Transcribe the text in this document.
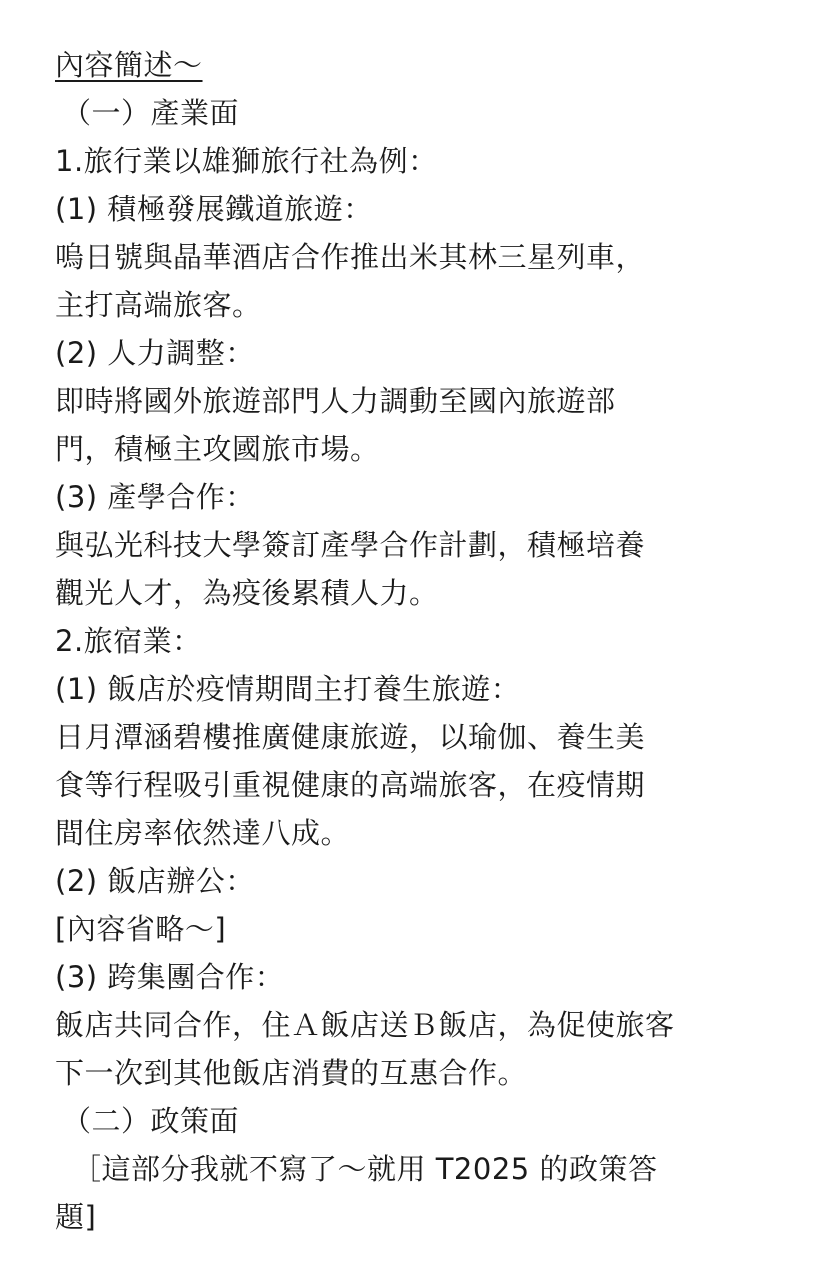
內容簡述～
（一）產業面
1.旅行業以雄獅旅行社為例：
(1) 積極發展鐵道旅遊：
嗚日號與晶華酒店合作推出米其林三星列車，
主打高端旅客。
(2) 人力調整：
即時將國外旅遊部門人力調動至國內旅遊部
門，積極主攻國旅市場。
(3) 產學合作：
與弘光科技大學簽訂產學合作計劃，積極培養
觀光人才，為疫後累積人力。
2.旅宿業：
(1) 飯店於疫情期間主打養生旅遊：
日月潭涵碧樓推廣健康旅遊，以瑜伽、養生美
食等行程吸引重視健康的高端旅客，在疫情期
間住房率依然達八成。
(2) 飯店辦公：
[內容省略～]
(3) 跨集團合作：
飯店共同合作，住Ａ飯店送Ｂ飯店，為促使旅客
下一次到其他飯店消費的互惠合作。
（二）政策面
［這部分我就不寫了～就用 T2025 的政策答
題]
